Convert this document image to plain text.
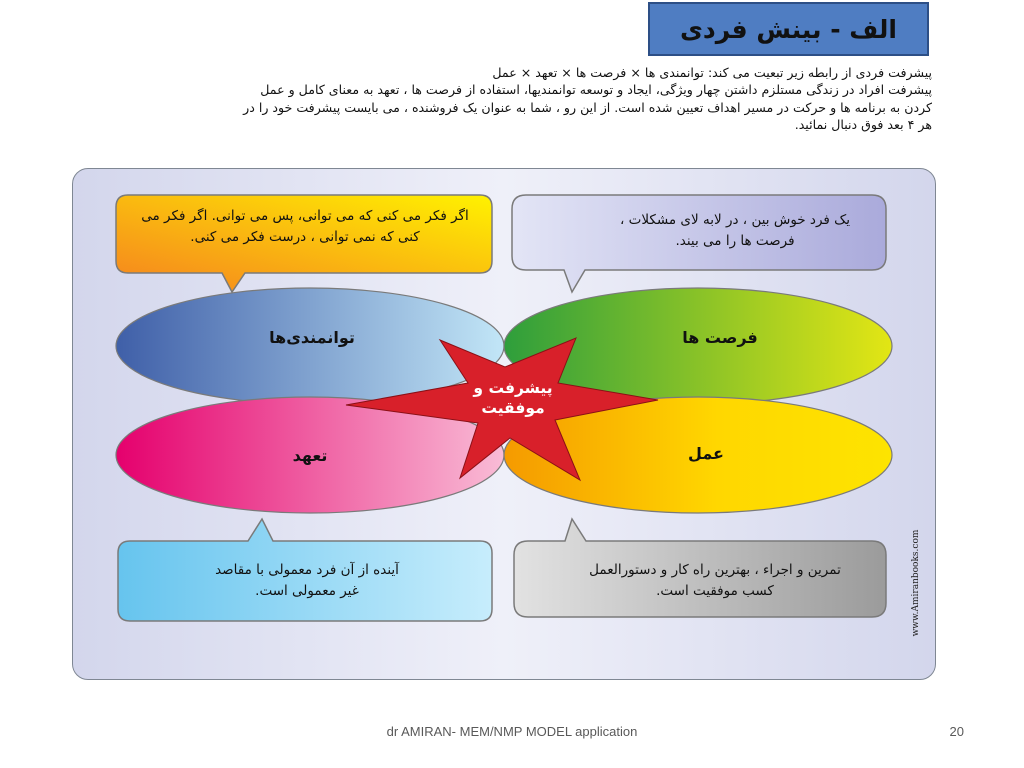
الف - بینش فردی

پیشرفت فردی از رابطه زیر تبعیت می کند: توانمندی ها × فرصت ها × تعهد × عمل

پیشرفت افراد در زندگی مستلزم داشتن چهار ویژگی، ایجاد و توسعه توانمندیها، استفاده از فرصت ها ، تعهد به معنای کامل و عمل

کردن به برنامه ها و حرکت در مسیر اهداف تعیین شده است. از این رو ، شما به عنوان یک فروشنده ، می بایست پیشرفت خود را در

هر ۴ بعد فوق دنبال نمائید.

اگر فکر می کنی که می توانی، پس می توانی. اگر فکر می کنی که نمی توانی ، درست فکر می کنی.
یک فرد خوش بین ، در لابه لای مشکلات ، فرصت ها را می بیند.
آینده از آن فرد معمولی با مقاصد غیر معمولی است.
تمرین و اجراء ، بهترین راه کار و دستورالعمل کسب موفقیت است.
توانمندی‌ها	فرصت ها
تعهد	عمل
پیشرفت و
موفقیت
www.Amiranbooks.com
dr AMIRAN- MEM/NMP MODEL application	20
